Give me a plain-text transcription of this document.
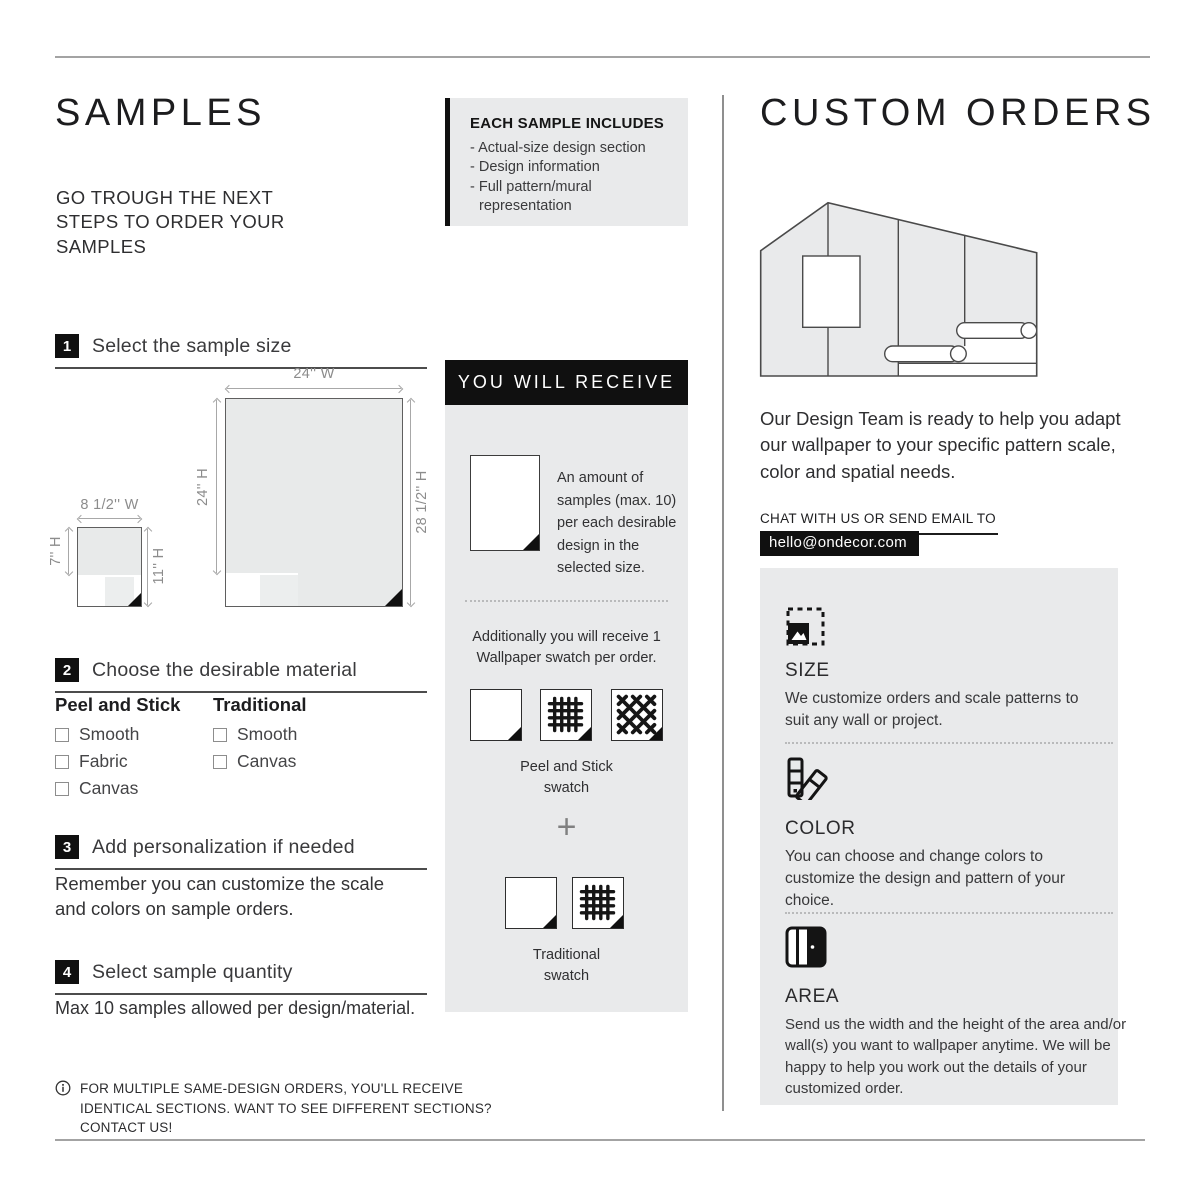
SAMPLES
GO TROUGH THE NEXT STEPS TO ORDER YOUR SAMPLES
1	Select the sample size
24'' W
24'' H	28 1/2'' H
8 1/2'' W
7'' H	11'' H
2	Choose the desirable material
Peel and Stick
Smooth
Fabric
Canvas
Traditional
Smooth
Canvas
3	Add personalization if needed
Remember you can customize the scale and colors on sample orders.
4	Select sample quantity
Max 10 samples allowed per design/material.
FOR MULTIPLE SAME-DESIGN ORDERS, YOU'LL RECEIVE IDENTICAL SECTIONS. WANT TO SEE DIFFERENT SECTIONS? CONTACT US!
EACH SAMPLE INCLUDES
- Actual-size design section
- Design information
- Full pattern/mural representation
YOU WILL RECEIVE
An amount of samples (max. 10) per each desirable design in the selected size.
Additionally you will receive 1 Wallpaper swatch per order.
Peel and Stick swatch
+
Traditional swatch
CUSTOM ORDERS
Our Design Team is ready to help you adapt our wallpaper to your specific pattern scale, color and spatial needs.
CHAT WITH US OR SEND EMAIL TO
hello@ondecor.com
SIZE
We customize orders and scale patterns to suit any wall or project.
COLOR
You can choose and change colors to customize the design and pattern of your choice.
AREA
Send us the width and the height of the area and/or wall(s) you want to wallpaper anytime. We will be happy to help you work out the details of your customized order.
